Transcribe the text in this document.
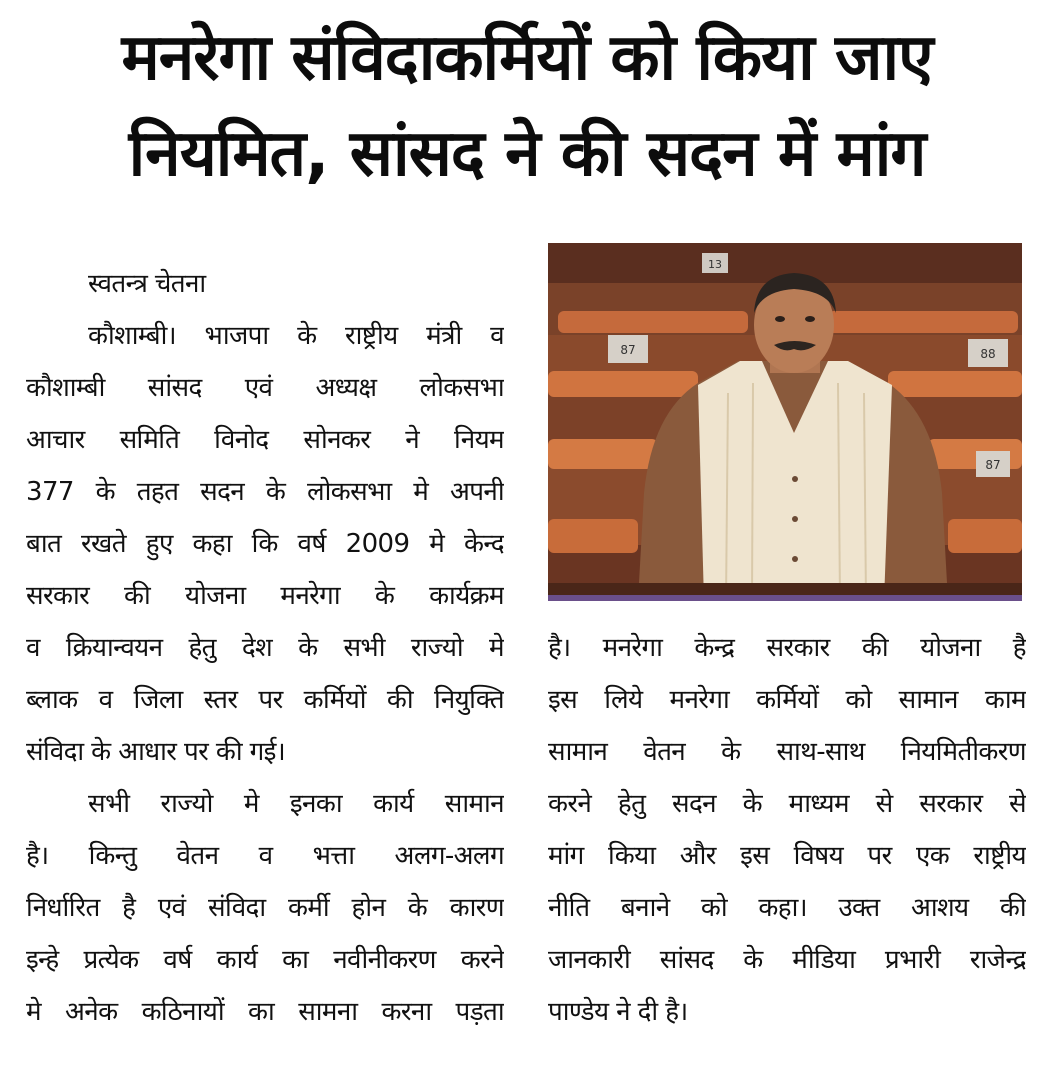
मनरेगा संविदाकर्मियों को किया जाए
नियमित, सांसद ने की सदन में मांग
स्वतन्त्र चेतना
कौशाम्बी। भाजपा के राष्ट्रीय मंत्री व
कौशाम्बी सांसद एवं अध्यक्ष लोकसभा
आचार समिति विनोद सोनकर ने नियम
377 के तहत सदन के लोकसभा मे अपनी
बात रखते हुए कहा कि वर्ष 2009 मे केन्द
सरकार की योजना मनरेगा के कार्यक्रम
व क्रियान्वयन हेतु देश के सभी राज्यो मे
ब्लाक व जिला स्तर पर कर्मियों की नियुक्ति
संविदा के आधार पर की गई।
सभी राज्यो मे इनका कार्य सामान
है। किन्तु वेतन व भत्ता अलग-अलग
निर्धारित है एवं संविदा कर्मी होन के कारण
इन्हे प्रत्येक वर्ष कार्य का नवीनीकरण करने
मे अनेक कठिनायों का सामना करना पड़ता
13
87	88
87
है। मनरेगा केन्द्र सरकार की योजना है
इस लिये मनरेगा कर्मियों को सामान काम
सामान वेतन के साथ-साथ नियमितीकरण
करने हेतु सदन के माध्यम से सरकार से
मांग किया और इस विषय पर एक राष्ट्रीय
नीति बनाने को कहा। उक्त आशय की
जानकारी सांसद के मीडिया प्रभारी राजेन्द्र
पाण्डेय ने दी है।
